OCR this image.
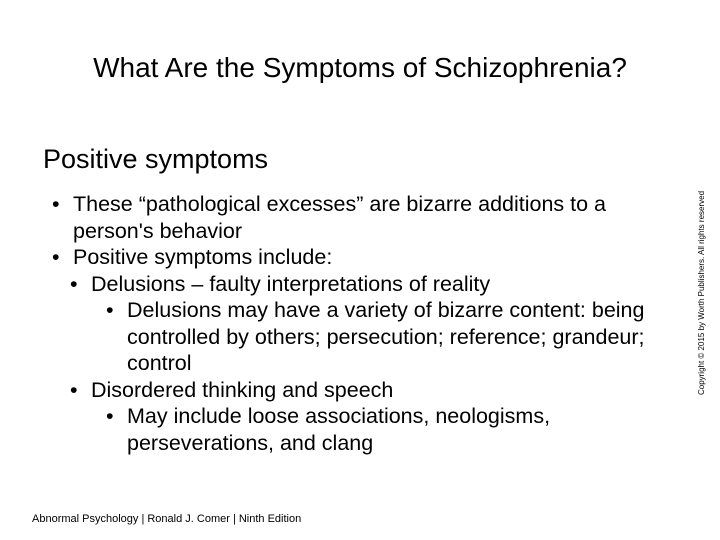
What Are the Symptoms of Schizophrenia?
Positive symptoms
• These “pathological excesses” are bizarre additions to a person's behavior
• Positive symptoms include:
• Delusions – faulty interpretations of reality
• Delusions may have a variety of bizarre content: being controlled by others; persecution; reference; grandeur; control
• Disordered thinking and speech
• May include loose associations, neologisms, perseverations, and clang
Abnormal Psychology | Ronald J. Comer | Ninth Edition
Copyright © 2015 by Worth Publishers. All rights reserved
